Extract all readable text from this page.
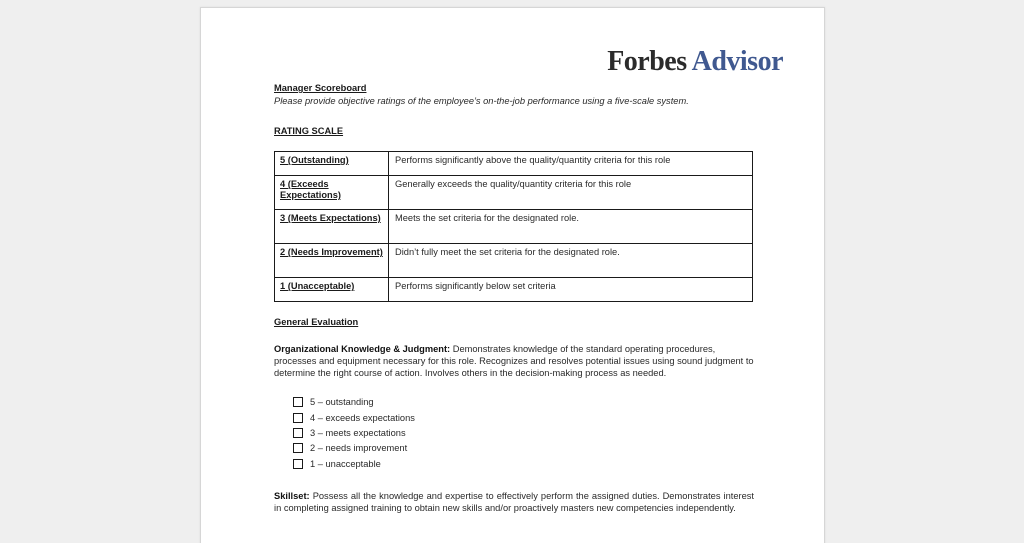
Forbes Advisor
Manager Scoreboard
Please provide objective ratings of the employee’s on-the-job performance using a five-scale system.
RATING SCALE
5 (Outstanding)	Performs significantly above the quality/quantity criteria for this role
4 (Exceeds Expectations)	Generally exceeds the quality/quantity criteria for this role
3 (Meets Expectations)	Meets the set criteria for the designated role.
2 (Needs Improvement)	Didn’t fully meet the set criteria for the designated role.
1 (Unacceptable)	Performs significantly below set criteria
General Evaluation

Organizational Knowledge & Judgment: Demonstrates knowledge of the standard operating procedures, processes and equipment necessary for this role. Recognizes and resolves potential issues using sound judgment to determine the right course of action. Involves others in the decision-making process as needed.

5 – outstanding
4 – exceeds expectations
3 – meets expectations
2 – needs improvement
1 – unacceptable

Skillset: Possess all the knowledge and expertise to effectively perform the assigned duties. Demonstrates interest in completing assigned training to obtain new skills and/or proactively masters new competencies independently.
